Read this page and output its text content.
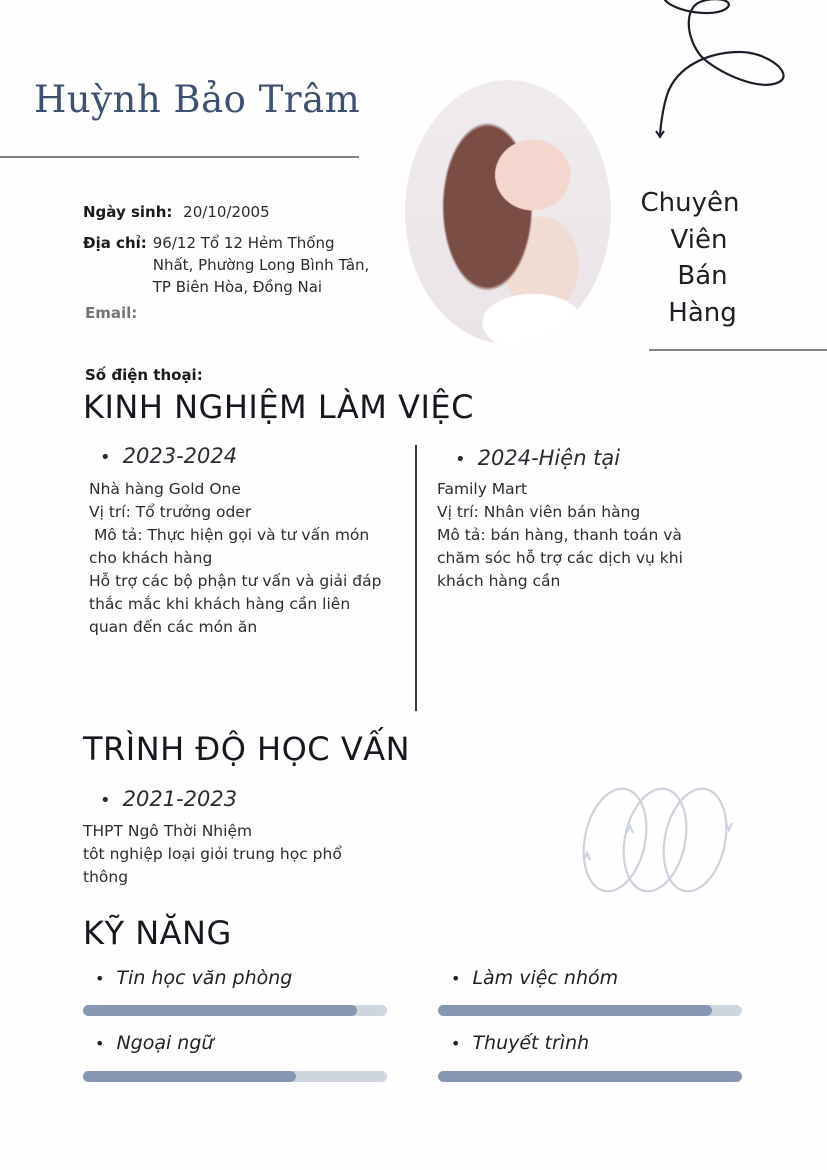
Huỳnh Bảo Trâm
Ngày sinh: 20/10/2005
Địa chỉ: 96/12 Tổ 12 Hẻm Thống Nhất, Phường Long Bình Tân, TP Biên Hòa, Đồng Nai
Email:
Số điện thoại:
Chuyên
Viên
Bán
Hàng
KINH NGHIỆM LÀM VIỆC
• 2023-2024
Nhà hàng Gold One
Vị trí: Tổ trưởng oder
Mô tả: Thực hiện gọi và tư vấn món cho khách hàng
Hỗ trợ các bộ phận tư vấn và giải đáp thắc mắc khi khách hàng cần liên quan đến các món ăn
• 2024-Hiện tại
Family Mart
Vị trí: Nhân viên bán hàng
Mô tả: bán hàng, thanh toán và chăm sóc hỗ trợ các dịch vụ khi khách hàng cần
TRÌNH ĐỘ HỌC VẤN
• 2021-2023
THPT Ngô Thời Nhiệm
tôt nghiệp loại giỏi trung học phổ thông
KỸ NĂNG
• Tin học văn phòng	• Làm việc nhóm
• Ngoại ngữ	• Thuyết trình
